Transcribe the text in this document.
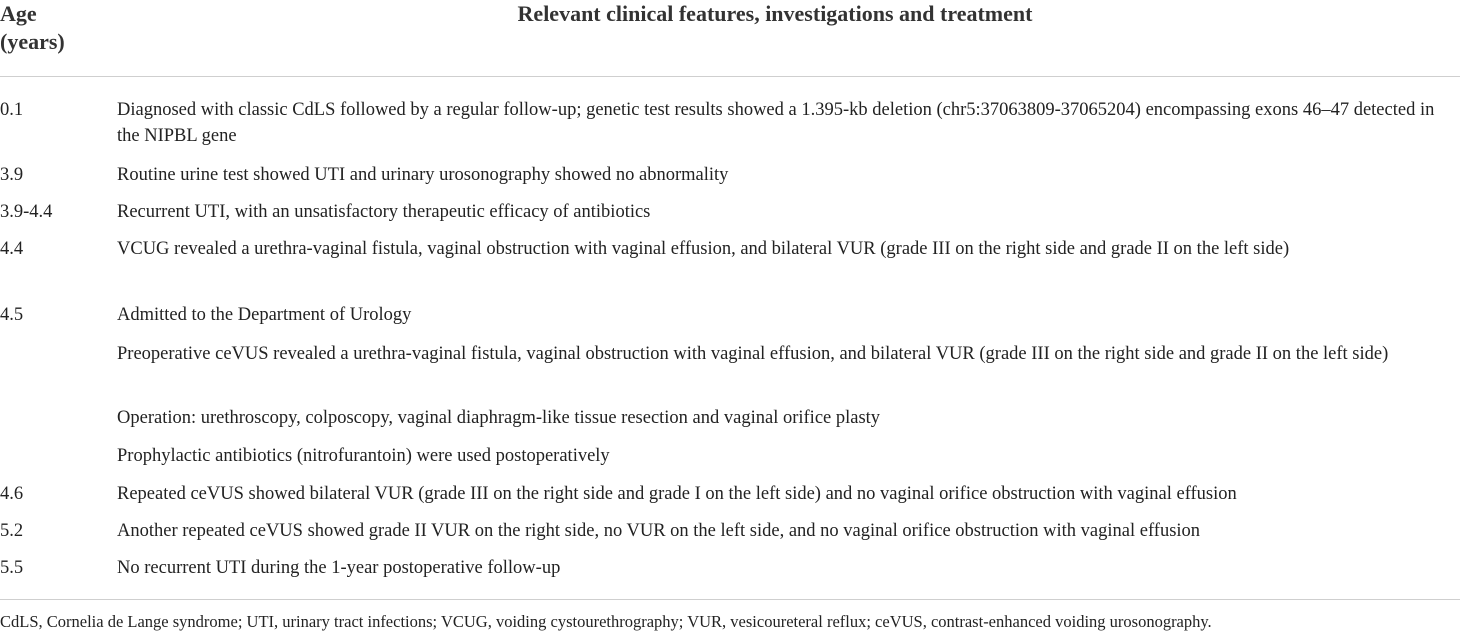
Age
(years)
Relevant clinical features, investigations and treatment
0.1	Diagnosed with classic CdLS followed by a regular follow-up; genetic test results showed a 1.395-kb deletion (chr5:37063809-37065204) encompassing exons 46–47 detected in the NIPBL gene
3.9	Routine urine test showed UTI and urinary urosonography showed no abnormality
3.9-4.4	Recurrent UTI, with an unsatisfactory therapeutic efficacy of antibiotics
4.4	VCUG revealed a urethra-vaginal fistula, vaginal obstruction with vaginal effusion, and bilateral VUR (grade III on the right side and grade II on the left side)
4.5	Admitted to the Department of Urology
Preoperative ceVUS revealed a urethra-vaginal fistula, vaginal obstruction with vaginal effusion, and bilateral VUR (grade III on the right side and grade II on the left side)
Operation: urethroscopy, colposcopy, vaginal diaphragm-like tissue resection and vaginal orifice plasty
Prophylactic antibiotics (nitrofurantoin) were used postoperatively
4.6	Repeated ceVUS showed bilateral VUR (grade III on the right side and grade I on the left side) and no vaginal orifice obstruction with vaginal effusion
5.2	Another repeated ceVUS showed grade II VUR on the right side, no VUR on the left side, and no vaginal orifice obstruction with vaginal effusion
5.5	No recurrent UTI during the 1-year postoperative follow-up
CdLS, Cornelia de Lange syndrome; UTI, urinary tract infections; VCUG, voiding cystourethrography; VUR, vesicoureteral reflux; ceVUS, contrast-enhanced voiding urosonography.
